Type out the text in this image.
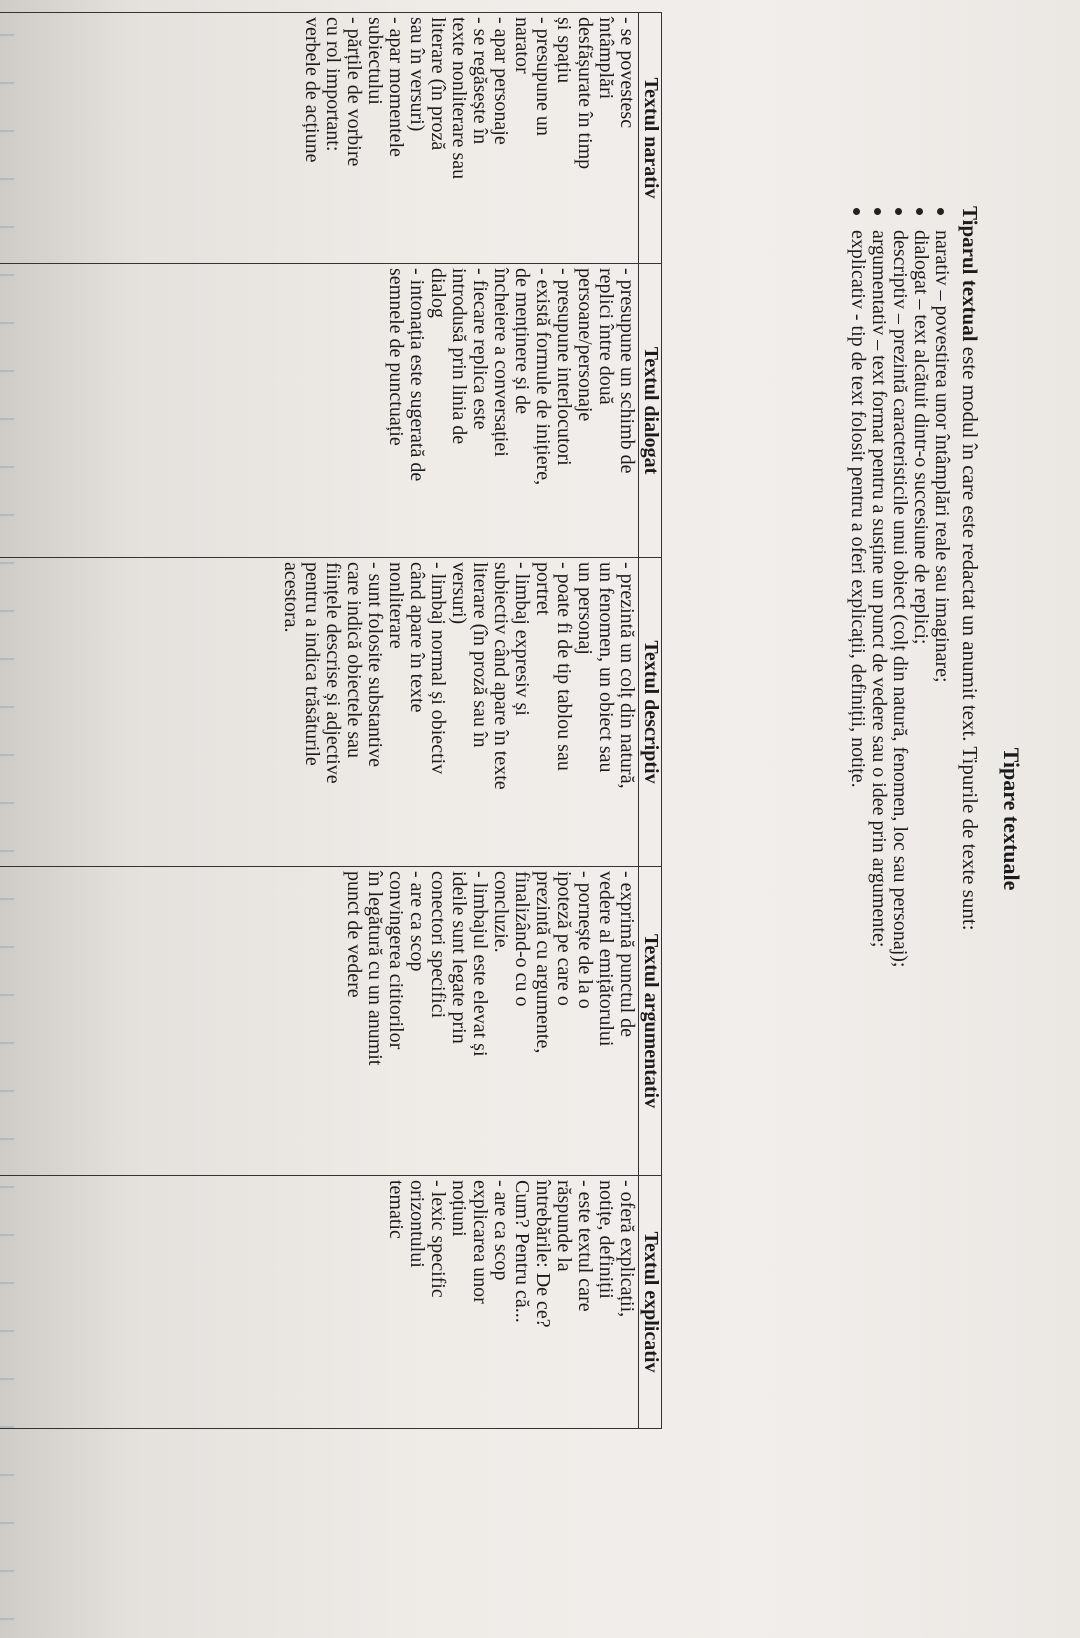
Tipare textuale
Tiparul textual este modul în care este redactat un anumit text. Tipurile de texte sunt:
narativ – povestirea unor întâmplări reale sau imaginare;
dialogat – text alcătuit dintr-o succesiune de replici;
descriptiv – prezintă caracteristicile unui obiect (colț din natură, fenomen, loc sau personaj);
argumentativ – text format pentru a susține un punct de vedere sau o idee prin argumente;
explicativ - tip de text folosit pentru a oferi explicații, definiții, notițe.
Textul narativ	Textul dialogat	Textul descriptiv	Textul argumentativ	Textul explicativ

- se povestesc
întâmplări
desfășurate în timp
și spațiu
- presupune un
narator
- apar personaje
- se regăsește în
texte nonliterare sau
literare (în proză
sau în versuri)
- apar momentele
subiectului
- părțile de vorbire
cu rol important:
verbele de acțiune

- presupune un schimb de
replici între două
persoane/personaje
- presupune interlocutori
- există formule de inițiere,
de menținere și de
încheiere a conversației
- fiecare replica este
introdusă prin linia de
dialog
- intonația este sugerată de
semnele de punctuație

- prezintă un colț din natură,
un fenomen, un obiect sau
un personaj
- poate fi de tip tablou sau
portret
- limbaj expresiv și
subiectiv când apare în texte
literare (în proză sau în
versuri)
- limbaj normal și obiectiv
când apare în texte
nonliterare
- sunt folosite substantive
care indică obiectele sau
ființele descrise și adjective
pentru a indica trăsăturile
acestora.

- exprimă punctul de
vedere al emițătorului
- pornește de la o
ipoteză pe care o
prezintă cu argumente,
finalizând-o cu o
concluzie.
- limbajul este elevat și
ideile sunt legate prin
conectori specifici
- are ca scop
convingerea cititorilor
în legătură cu un anumit
punct de vedere

- oferă explicații,
notițe, definiții
- este textul care
răspunde la
întrebările: De ce?
Cum? Pentru că...
- are ca scop
explicarea unor
noțiuni
- lexic specific
orizontului
tematic
